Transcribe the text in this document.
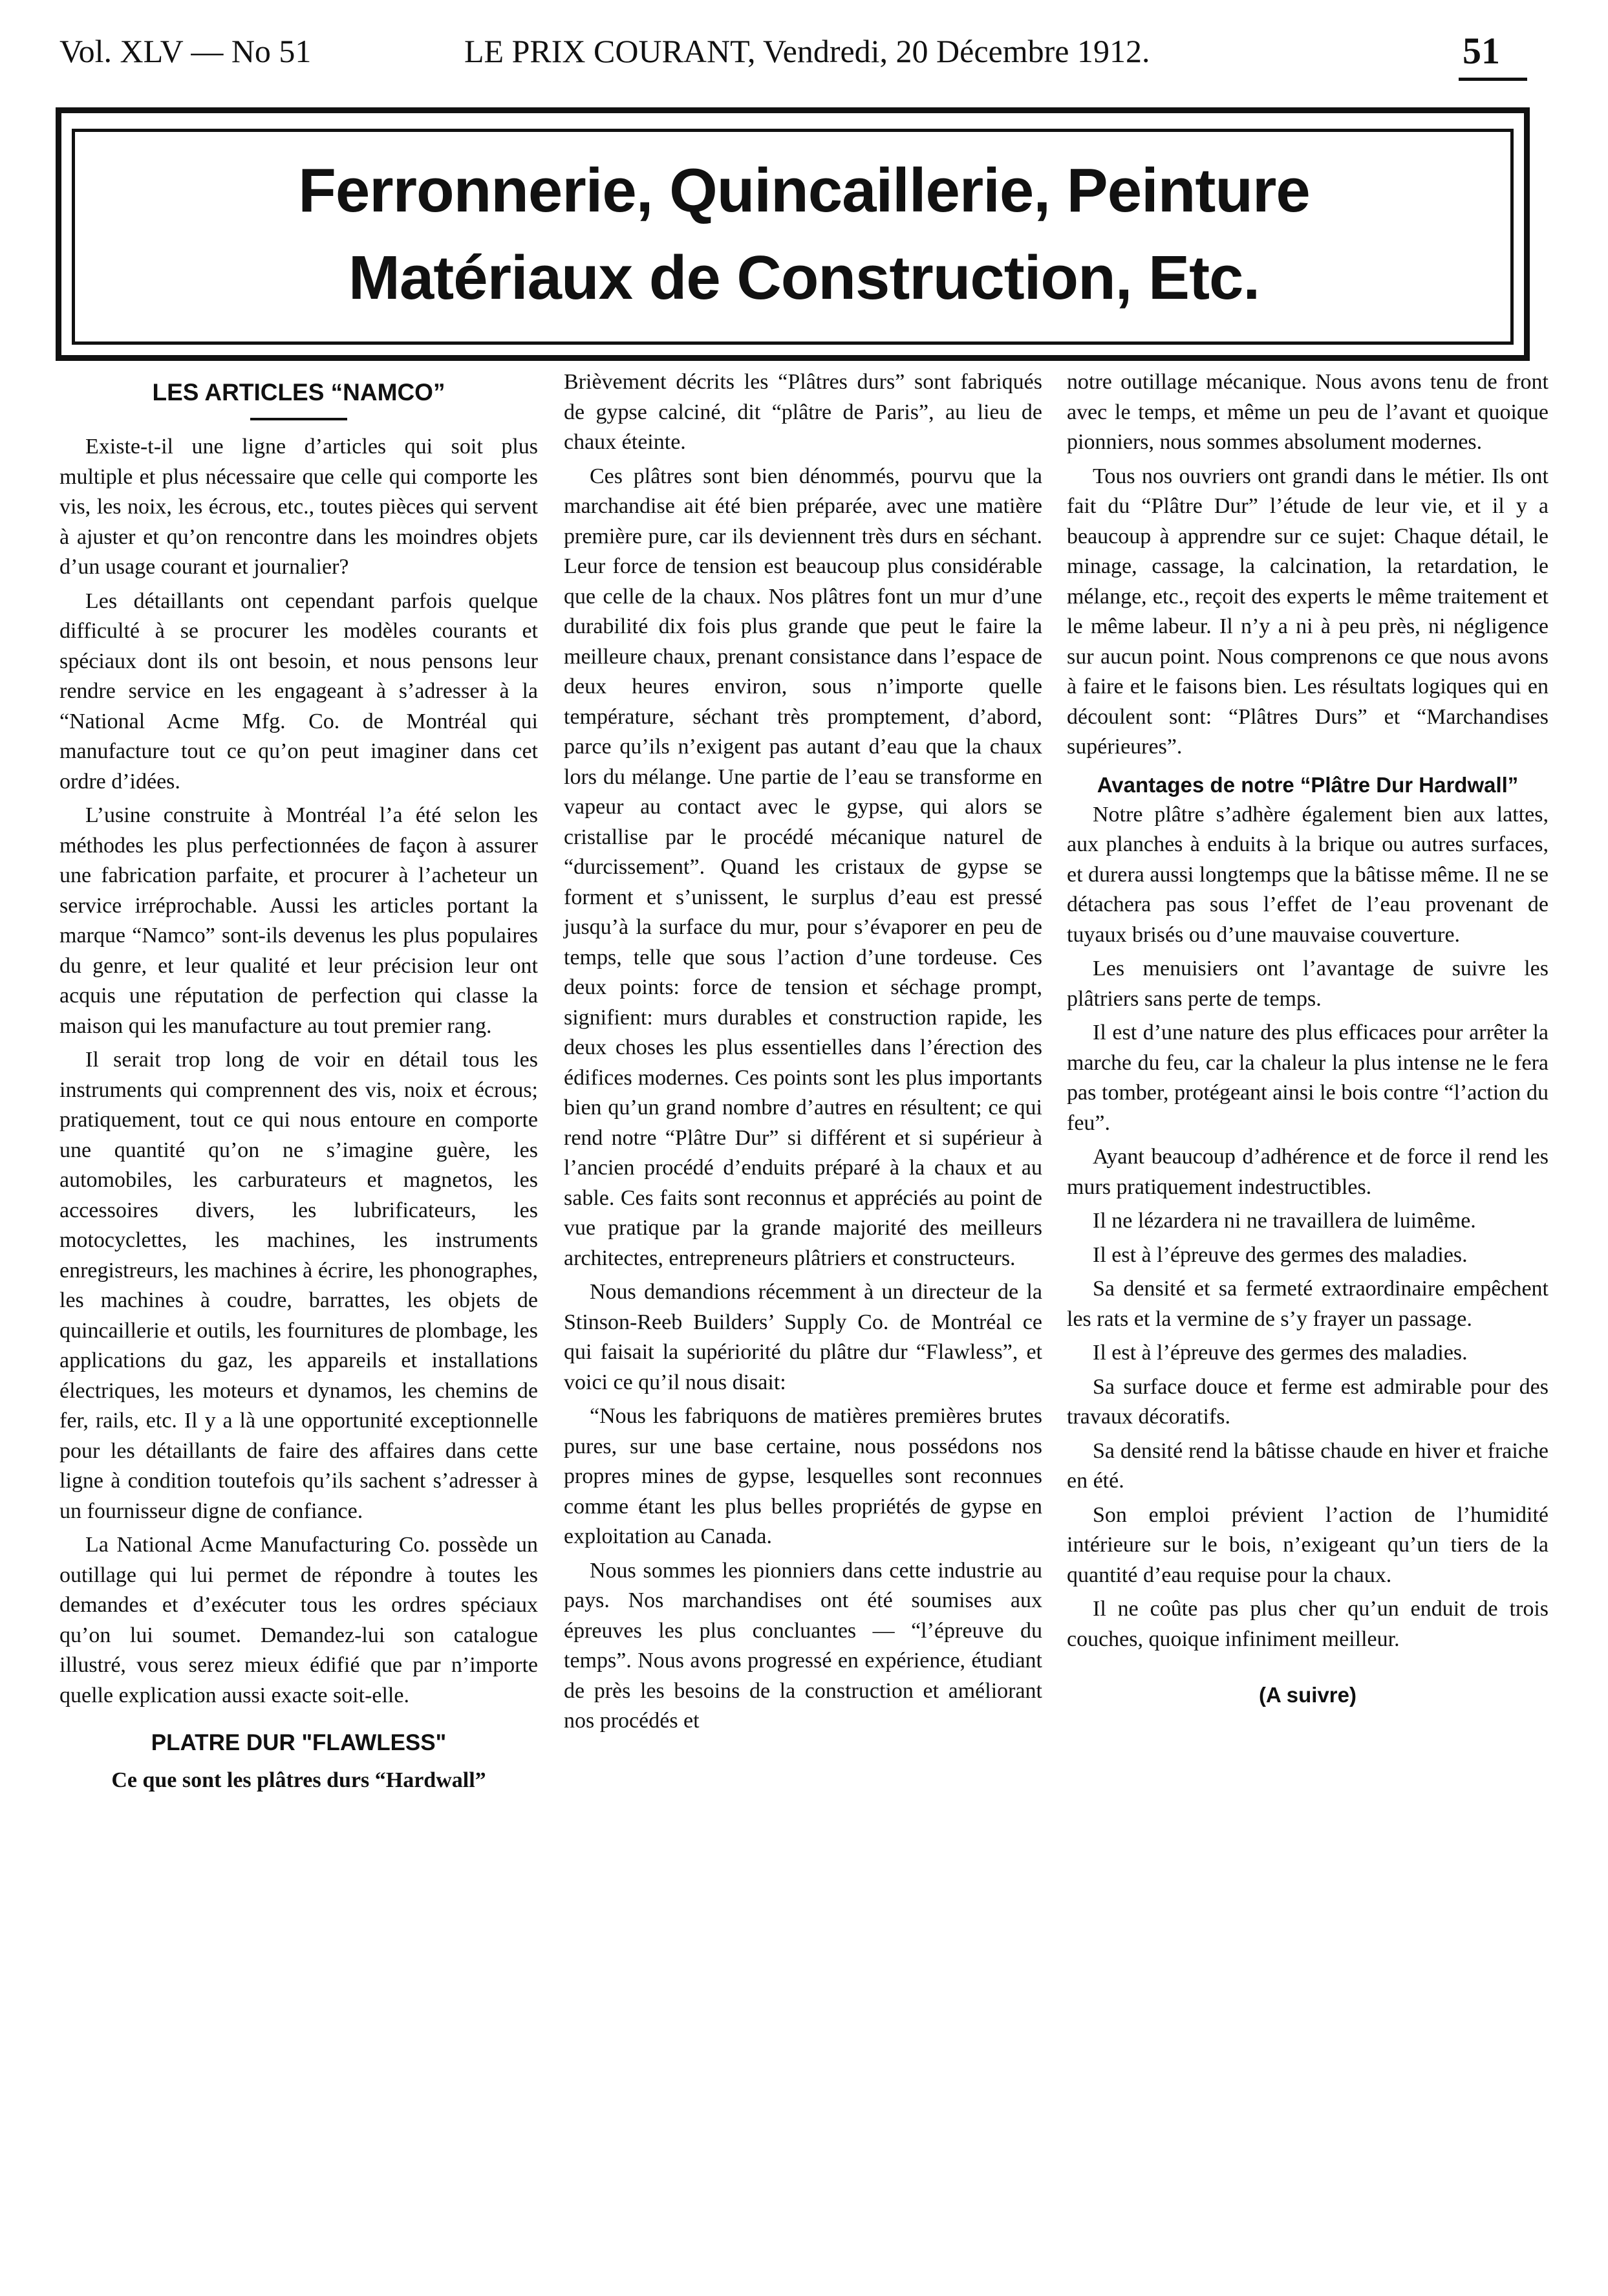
Vol. XLV — No 51	LE PRIX COURANT, Vendredi, 20 Décembre 1912.	51
Ferronnerie, Quincaillerie, Peinture
Matériaux de Construction, Etc.
LES ARTICLES “NAMCO”

Existe-t-il une ligne d’articles qui soit plus multiple et plus nécessaire que celle qui comporte les vis, les noix, les écrous, etc., toutes pièces qui servent à ajuster et qu’on rencontre dans les moindres objets d’un usage courant et journalier?

Les détaillants ont cependant parfois quelque difficulté à se procurer les modèles courants et spéciaux dont ils ont besoin, et nous pensons leur rendre service en les engageant à s’adresser à la “National Acme Mfg. Co. de Montréal qui manufacture tout ce qu’on peut imaginer dans cet ordre d’idées.

L’usine construite à Montréal l’a été selon les méthodes les plus perfectionnées de façon à assurer une fabrication parfaite, et procurer à l’acheteur un service irréprochable. Aussi les articles portant la marque “Namco” sont-ils devenus les plus populaires du genre, et leur qualité et leur précision leur ont acquis une réputation de perfection qui classe la maison qui les manufacture au tout premier rang.

Il serait trop long de voir en détail tous les instruments qui comprennent des vis, noix et écrous; pratiquement, tout ce qui nous entoure en comporte une quantité qu’on ne s’imagine guère, les automobiles, les carburateurs et magnetos, les accessoires divers, les lubrificateurs, les motocyclettes, les machines, les instruments enregistreurs, les machines à écrire, les phonographes, les machines à coudre, barrattes, les objets de quincaillerie et outils, les fournitures de plombage, les applications du gaz, les appareils et installations électriques, les moteurs et dynamos, les chemins de fer, rails, etc. Il y a là une opportunité exceptionnelle pour les détaillants de faire des affaires dans cette ligne à condition toutefois qu’ils sachent s’adresser à un fournisseur digne de confiance.

La National Acme Manufacturing Co. possède un outillage qui lui permet de répondre à toutes les demandes et d’exécuter tous les ordres spéciaux qu’on lui soumet. Demandez-lui son catalogue illustré, vous serez mieux édifié que par n’importe quelle explication aussi exacte soit-elle.

PLATRE DUR "FLAWLESS"
Ce que sont les plâtres durs “Hardwall”

Brièvement décrits les “Plâtres durs” sont fabriqués de gypse calciné, dit “plâtre de Paris”, au lieu de chaux éteinte.

Ces plâtres sont bien dénommés, pourvu que la marchandise ait été bien préparée, avec une matière première pure, car ils deviennent très durs en séchant. Leur force de tension est beaucoup plus considérable que celle de la chaux. Nos plâtres font un mur d’une durabilité dix fois plus grande que peut le faire la meilleure chaux, prenant consistance dans l’espace de deux heures environ, sous n’importe quelle température, séchant très promptement, d’abord, parce qu’ils n’exigent pas autant d’eau que la chaux lors du mélange. Une partie de l’eau se transforme en vapeur au contact avec le gypse, qui alors se cristallise par le procédé mécanique naturel de “durcissement”. Quand les cristaux de gypse se forment et s’unissent, le surplus d’eau est pressé jusqu’à la surface du mur, pour s’évaporer en peu de temps, telle que sous l’action d’une tordeuse. Ces deux points: force de tension et séchage prompt, signifient: murs durables et construction rapide, les deux choses les plus essentielles dans l’érection des édifices modernes. Ces points sont les plus importants bien qu’un grand nombre d’autres en résultent; ce qui rend notre “Plâtre Dur” si différent et si supérieur à l’ancien procédé d’enduits préparé à la chaux et au sable. Ces faits sont reconnus et appréciés au point de vue pratique par la grande majorité des meilleurs architectes, entrepreneurs plâtriers et constructeurs.

Nous demandions récemment à un directeur de la Stinson-Reeb Builders’ Supply Co. de Montréal ce qui faisait la supériorité du plâtre dur “Flawless”, et voici ce qu’il nous disait:

“Nous les fabriquons de matières premières brutes pures, sur une base certaine, nous possédons nos propres mines de gypse, lesquelles sont reconnues comme étant les plus belles propriétés de gypse en exploitation au Canada.

Nous sommes les pionniers dans cette industrie au pays. Nos marchandises ont été soumises aux épreuves les plus concluantes — “l’épreuve du temps”. Nous avons progressé en expérience, étudiant de près les besoins de la construction et améliorant nos procédés et

notre outillage mécanique. Nous avons tenu de front avec le temps, et même un peu de l’avant et quoique pionniers, nous sommes absolument modernes.

Tous nos ouvriers ont grandi dans le métier. Ils ont fait du “Plâtre Dur” l’étude de leur vie, et il y a beaucoup à apprendre sur ce sujet: Chaque détail, le minage, cassage, la calcination, la retardation, le mélange, etc., reçoit des experts le même traitement et le même labeur. Il n’y a ni à peu près, ni négligence sur aucun point. Nous comprenons ce que nous avons à faire et le faisons bien. Les résultats logiques qui en découlent sont: “Plâtres Durs” et “Marchandises supérieures”.

Avantages de notre “Plâtre Dur Hardwall”

Notre plâtre s’adhère également bien aux lattes, aux planches à enduits à la brique ou autres surfaces, et durera aussi longtemps que la bâtisse même. Il ne se détachera pas sous l’effet de l’eau provenant de tuyaux brisés ou d’une mauvaise couverture.

Les menuisiers ont l’avantage de suivre les plâtriers sans perte de temps.

Il est d’une nature des plus efficaces pour arrêter la marche du feu, car la chaleur la plus intense ne le fera pas tomber, protégeant ainsi le bois contre “l’action du feu”.

Ayant beaucoup d’adhérence et de force il rend les murs pratiquement indestructibles.

Il ne lézardera ni ne travaillera de luimême.

Il est à l’épreuve des germes des maladies.

Sa densité et sa fermeté extraordinaire empêchent les rats et la vermine de s’y frayer un passage.

Il est à l’épreuve des germes des maladies.

Sa surface douce et ferme est admirable pour des travaux décoratifs.

Sa densité rend la bâtisse chaude en hiver et fraiche en été.

Son emploi prévient l’action de l’humidité intérieure sur le bois, n’exigeant qu’un tiers de la quantité d’eau requise pour la chaux.

Il ne coûte pas plus cher qu’un enduit de trois couches, quoique infiniment meilleur.

(A suivre)
